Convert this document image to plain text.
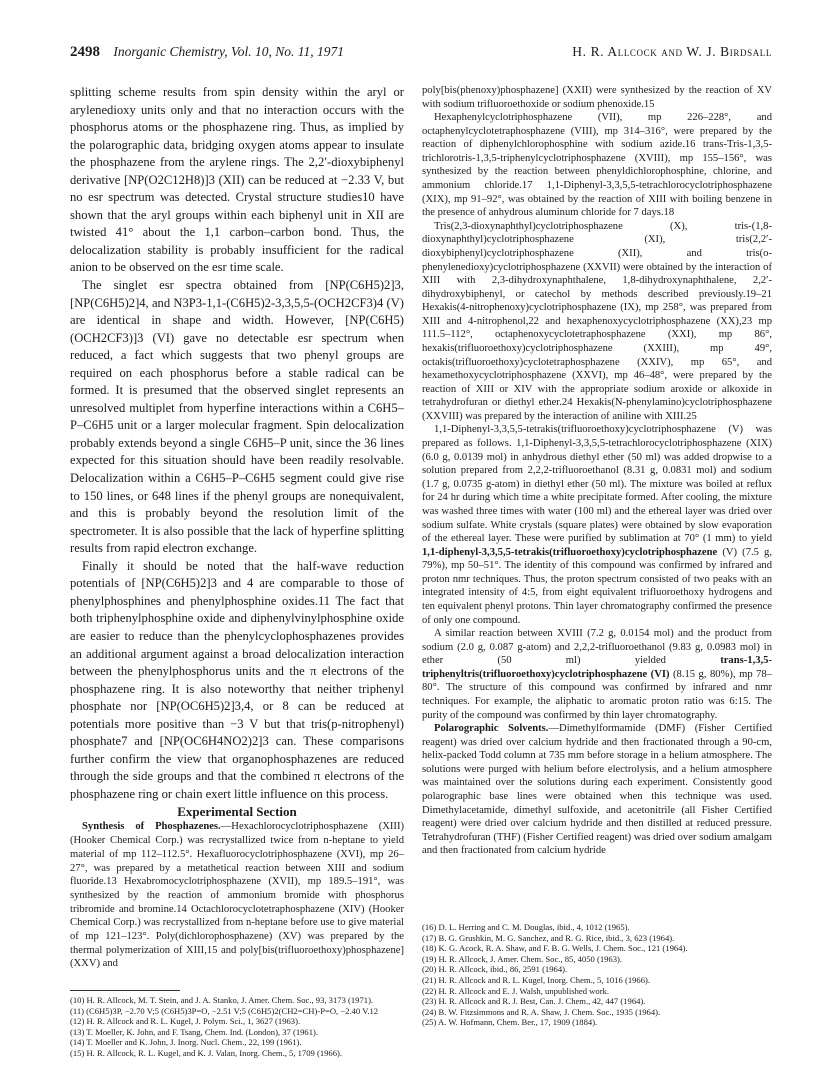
2498 Inorganic Chemistry, Vol. 10, No. 11, 1971	H. R. Allcock and W. J. Birdsall

splitting scheme results from spin density within the aryl or arylenedioxy units only and that no interaction occurs with the phosphorus atoms or the phosphazene ring. Thus, as implied by the polarographic data, bridging oxygen atoms appear to insulate the phosphazene from the arylene rings. The 2,2′-dioxybiphenyl derivative [NP(O2C12H8)]3 (XII) can be reduced at −2.33 V, but no esr spectrum was detected. Crystal structure studies10 have shown that the aryl groups within each biphenyl unit in XII are twisted 41° about the 1,1 carbon–carbon bond. Thus, the delocalization stability is probably insufficient for the radical anion to be observed on the esr time scale.

The singlet esr spectra obtained from [NP(C6H5)2]3, [NP(C6H5)2]4, and N3P3-1,1-(C6H5)2-3,3,5,5-(OCH2CF3)4 (V) are identical in shape and width. However, [NP(C6H5)(OCH2CF3)]3 (VI) gave no detectable esr spectrum when reduced, a fact which suggests that two phenyl groups are required on each phosphorus before a stable radical can be formed. It is presumed that the observed singlet represents an unresolved multiplet from hyperfine interactions within a C6H5–P–C6H5 unit or a larger molecular fragment. Spin delocalization probably extends beyond a single C6H5–P unit, since the 36 lines expected for this situation should have been readily resolvable. Delocalization within a C6H5–P–C6H5 segment could give rise to 150 lines, or 648 lines if the phenyl groups are nonequivalent, and this is probably beyond the resolution limit of the spectrometer. It is also possible that the lack of hyperfine splitting results from rapid electron exchange.

Finally it should be noted that the half-wave reduction potentials of [NP(C6H5)2]3 and 4 are comparable to those of phenylphosphines and phenylphosphine oxides.11 The fact that both triphenylphosphine oxide and diphenylvinylphosphine oxide are easier to reduce than the phenylcyclophosphazenes provides an additional argument against a broad delocalization interaction between the phenylphosphorus units and the π electrons of the phosphazene ring. It is also noteworthy that neither triphenyl phosphate nor [NP(OC6H5)2]3,4, or 8 can be reduced at potentials more positive than −3 V but that tris(p-nitrophenyl) phosphate7 and [NP(OC6H4NO2)2]3 can. These comparisons further confirm the view that organophosphazenes are reduced through the side groups and that the combined π electrons of the phosphazene ring or chain exert little influence on this process.

Experimental Section

Synthesis of Phosphazenes.—Hexachlorocyclotriphosphazene (XIII) (Hooker Chemical Corp.) was recrystallized twice from n-heptane to yield material of mp 112–112.5°. Hexafluorocyclotriphosphazene (XVI), mp 26–27°, was prepared by a metathetical reaction between XIII and sodium fluoride.13 Hexabromocyclotriphosphazene (XVII), mp 189.5–191°, was synthesized by the reaction of ammonium bromide with phosphorus tribromide and bromine.14 Octachlorocyclotetraphosphazene (XIV) (Hooker Chemical Corp.) was recrystallized from n-heptane before use to give material of mp 121–123°. Poly(dichlorophosphazene) (XV) was prepared by the thermal polymerization of XIII,15 and poly[bis(trifluoroethoxy)phosphazene] (XXV) and

poly[bis(phenoxy)phosphazene] (XXII) were synthesized by the reaction of XV with sodium trifluoroethoxide or sodium phenoxide.15

Hexaphenylcyclotriphosphazene (VII), mp 226–228°, and octaphenylcyclotetraphosphazene (VIII), mp 314–316°, were prepared by the reaction of diphenylchlorophosphine with sodium azide.16 trans-Tris-1,3,5-trichlorotris-1,3,5-triphenylcyclotriphosphazene (XVIII), mp 155–156°, was synthesized by the reaction between phenyldichlorophosphine, chlorine, and ammonium chloride.17 1,1-Diphenyl-3,3,5,5-tetrachlorocyclotriphosphazene (XIX), mp 91–92°, was obtained by the reaction of XIII with boiling benzene in the presence of anhydrous aluminum chloride for 7 days.18

Tris(2,3-dioxynaphthyl)cyclotriphosphazene (X), tris-(1,8-dioxynaphthyl)cyclotriphosphazene (XI), tris(2,2′-dioxybiphenyl)cyclotriphosphazene (XII), and tris(o-phenylenedioxy)cyclotriphosphazene (XXVII) were obtained by the interaction of XIII with 2,3-dihydroxynaphthalene, 1,8-dihydroxynaphthalene, 2,2′-dihydroxybiphenyl, or catechol by methods described previously.19–21 Hexakis(4-nitrophenoxy)cyclotriphosphazene (IX), mp 258°, was prepared from XIII and 4-nitrophenol,22 and hexaphenoxycyclotriphosphazene (XX),23 mp 111.5–112°, octaphenoxycyclotetraphosphazene (XXI), mp 86°, hexakis(trifluoroethoxy)cyclotriphosphazene (XXIII), mp 49°, octakis(trifluoroethoxy)cyclotetraphosphazene (XXIV), mp 65°, and hexamethoxycyclotriphosphazene (XXVI), mp 46–48°, were prepared by the reaction of XIII or XIV with the appropriate sodium aroxide or alkoxide in tetrahydrofuran or diethyl ether.24 Hexakis(N-phenylamino)cyclotriphosphazene (XXVIII) was prepared by the interaction of aniline with XIII.25

1,1-Diphenyl-3,3,5,5-tetrakis(trifluoroethoxy)cyclotriphosphazene (V) was prepared as follows. 1,1-Diphenyl-3,3,5,5-tetrachlorocyclotriphosphazene (XIX) (6.0 g, 0.0139 mol) in anhydrous diethyl ether (50 ml) was added dropwise to a solution prepared from 2,2,2-trifluoroethanol (8.31 g, 0.0831 mol) and sodium (1.7 g, 0.0735 g-atom) in diethyl ether (50 ml). The mixture was boiled at reflux for 24 hr during which time a white precipitate formed. After cooling, the mixture was washed three times with water (100 ml) and the ethereal layer was dried over sodium sulfate. White crystals (square plates) were obtained by slow evaporation of the ethereal layer. These were purified by sublimation at 70° (1 mm) to yield 1,1-diphenyl-3,3,5,5-tetrakis(trifluoroethoxy)cyclotriphosphazene (V) (7.5 g, 79%), mp 50–51°. The identity of this compound was confirmed by infrared and proton nmr techniques. Thus, the proton spectrum consisted of two peaks with an integrated intensity of 4:5, from eight equivalent trifluoroethoxy hydrogens and ten equivalent phenyl protons. Thin layer chromatography confirmed the presence of only one compound.

A similar reaction between XVIII (7.2 g, 0.0154 mol) and the product from sodium (2.0 g, 0.087 g-atom) and 2,2,2-trifluoroethanol (9.83 g, 0.0983 mol) in ether (50 ml) yielded trans-1,3,5-triphenyltris(trifluoroethoxy)cyclotriphosphazene (VI) (8.15 g, 80%), mp 78–80°. The structure of this compound was confirmed by infrared and nmr techniques. For example, the aliphatic to aromatic proton ratio was 6:15. The purity of the compound was confirmed by thin layer chromatography.

Polarographic Solvents.—Dimethylformamide (DMF) (Fisher Certified reagent) was dried over calcium hydride and then fractionated through a 90-cm, helix-packed Todd column at 735 mm before storage in a helium atmosphere. The solutions were purged with helium before electrolysis, and a helium atmosphere was maintained over the solutions during each experiment. Consistently good polarographic base lines were obtained when this technique was used. Dimethylacetamide, dimethyl sulfoxide, and acetonitrile (all Fisher Certified reagent) were dried over calcium hydride and then distilled at reduced pressure. Tetrahydrofuran (THF) (Fisher Certified reagent) was dried over sodium amalgam and then fractionated from calcium hydride

(10) H. R. Allcock, M. T. Stein, and J. A. Stanko, J. Amer. Chem. Soc., 93, 3173 (1971).

(11) (C6H5)3P, −2.70 V;5 (C6H5)3P=O, −2.51 V;5 (C6H5)2(CH2=CH)-P=O, −2.40 V.12

(12) H. R. Allcock and R. L. Kugel, J. Polym. Sci., 1, 3627 (1963).

(13) T. Moeller, K. John, and F. Tsang, Chem. Ind. (London), 37 (1961).

(14) T. Moeller and K. John, J. Inorg. Nucl. Chem., 22, 199 (1961).

(15) H. R. Allcock, R. L. Kugel, and K. J. Valan, Inorg. Chem., 5, 1709 (1966).

(16) D. L. Herring and C. M. Douglas, ibid., 4, 1012 (1965).

(17) B. G. Grushkin, M. G. Sanchez, and R. G. Rice, ibid., 3, 623 (1964).

(18) K. G. Acock, R. A. Shaw, and F. B. G. Wells, J. Chem. Soc., 121 (1964).

(19) H. R. Allcock, J. Amer. Chem. Soc., 85, 4050 (1963).

(20) H. R. Allcock, ibid., 86, 2591 (1964).

(21) H. R. Allcock and R. L. Kugel, Inorg. Chem., 5, 1016 (1966).

(22) H. R. Allcock and E. J. Walsh, unpublished work.

(23) H. R. Allcock and R. J. Best, Can. J. Chem., 42, 447 (1964).

(24) B. W. Fitzsimmons and R. A. Shaw, J. Chem. Soc., 1935 (1964).

(25) A. W. Hofmann, Chem. Ber., 17, 1909 (1884).
